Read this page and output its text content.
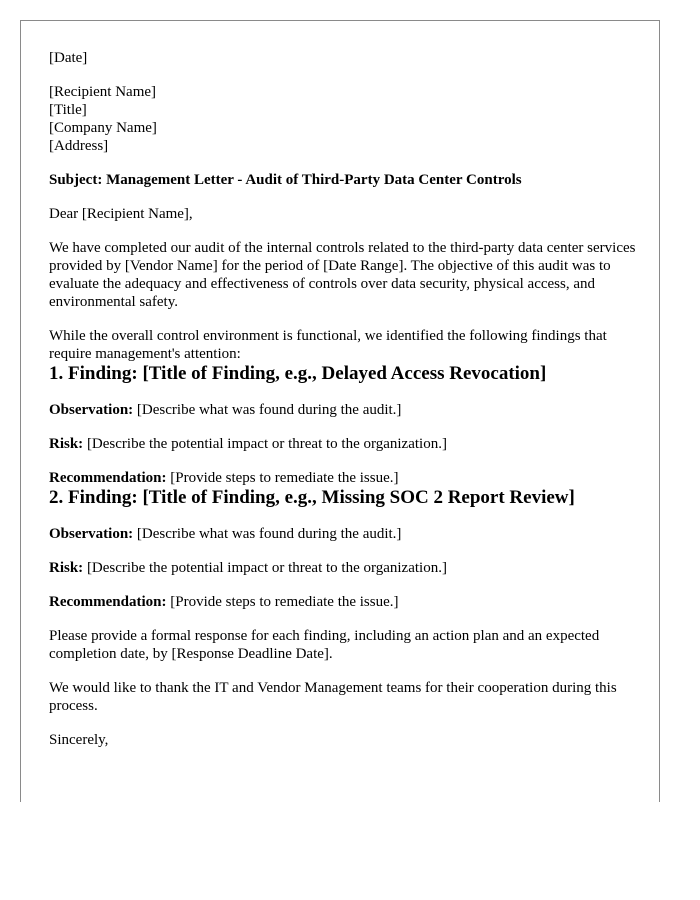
[Date]

[Recipient Name]
[Title]
[Company Name]
[Address]

Subject: Management Letter - Audit of Third-Party Data Center Controls

Dear [Recipient Name],

We have completed our audit of the internal controls related to the third-party data center services provided by [Vendor Name] for the period of [Date Range]. The objective of this audit was to evaluate the adequacy and effectiveness of controls over data security, physical access, and environmental safety.

While the overall control environment is functional, we identified the following findings that require management's attention:

1. Finding: [Title of Finding, e.g., Delayed Access Revocation]

Observation: [Describe what was found during the audit.]

Risk: [Describe the potential impact or threat to the organization.]

Recommendation: [Provide steps to remediate the issue.]

2. Finding: [Title of Finding, e.g., Missing SOC 2 Report Review]

Observation: [Describe what was found during the audit.]

Risk: [Describe the potential impact or threat to the organization.]

Recommendation: [Provide steps to remediate the issue.]

Please provide a formal response for each finding, including an action plan and an expected completion date, by [Response Deadline Date].

We would like to thank the IT and Vendor Management teams for their cooperation during this process.

Sincerely,
